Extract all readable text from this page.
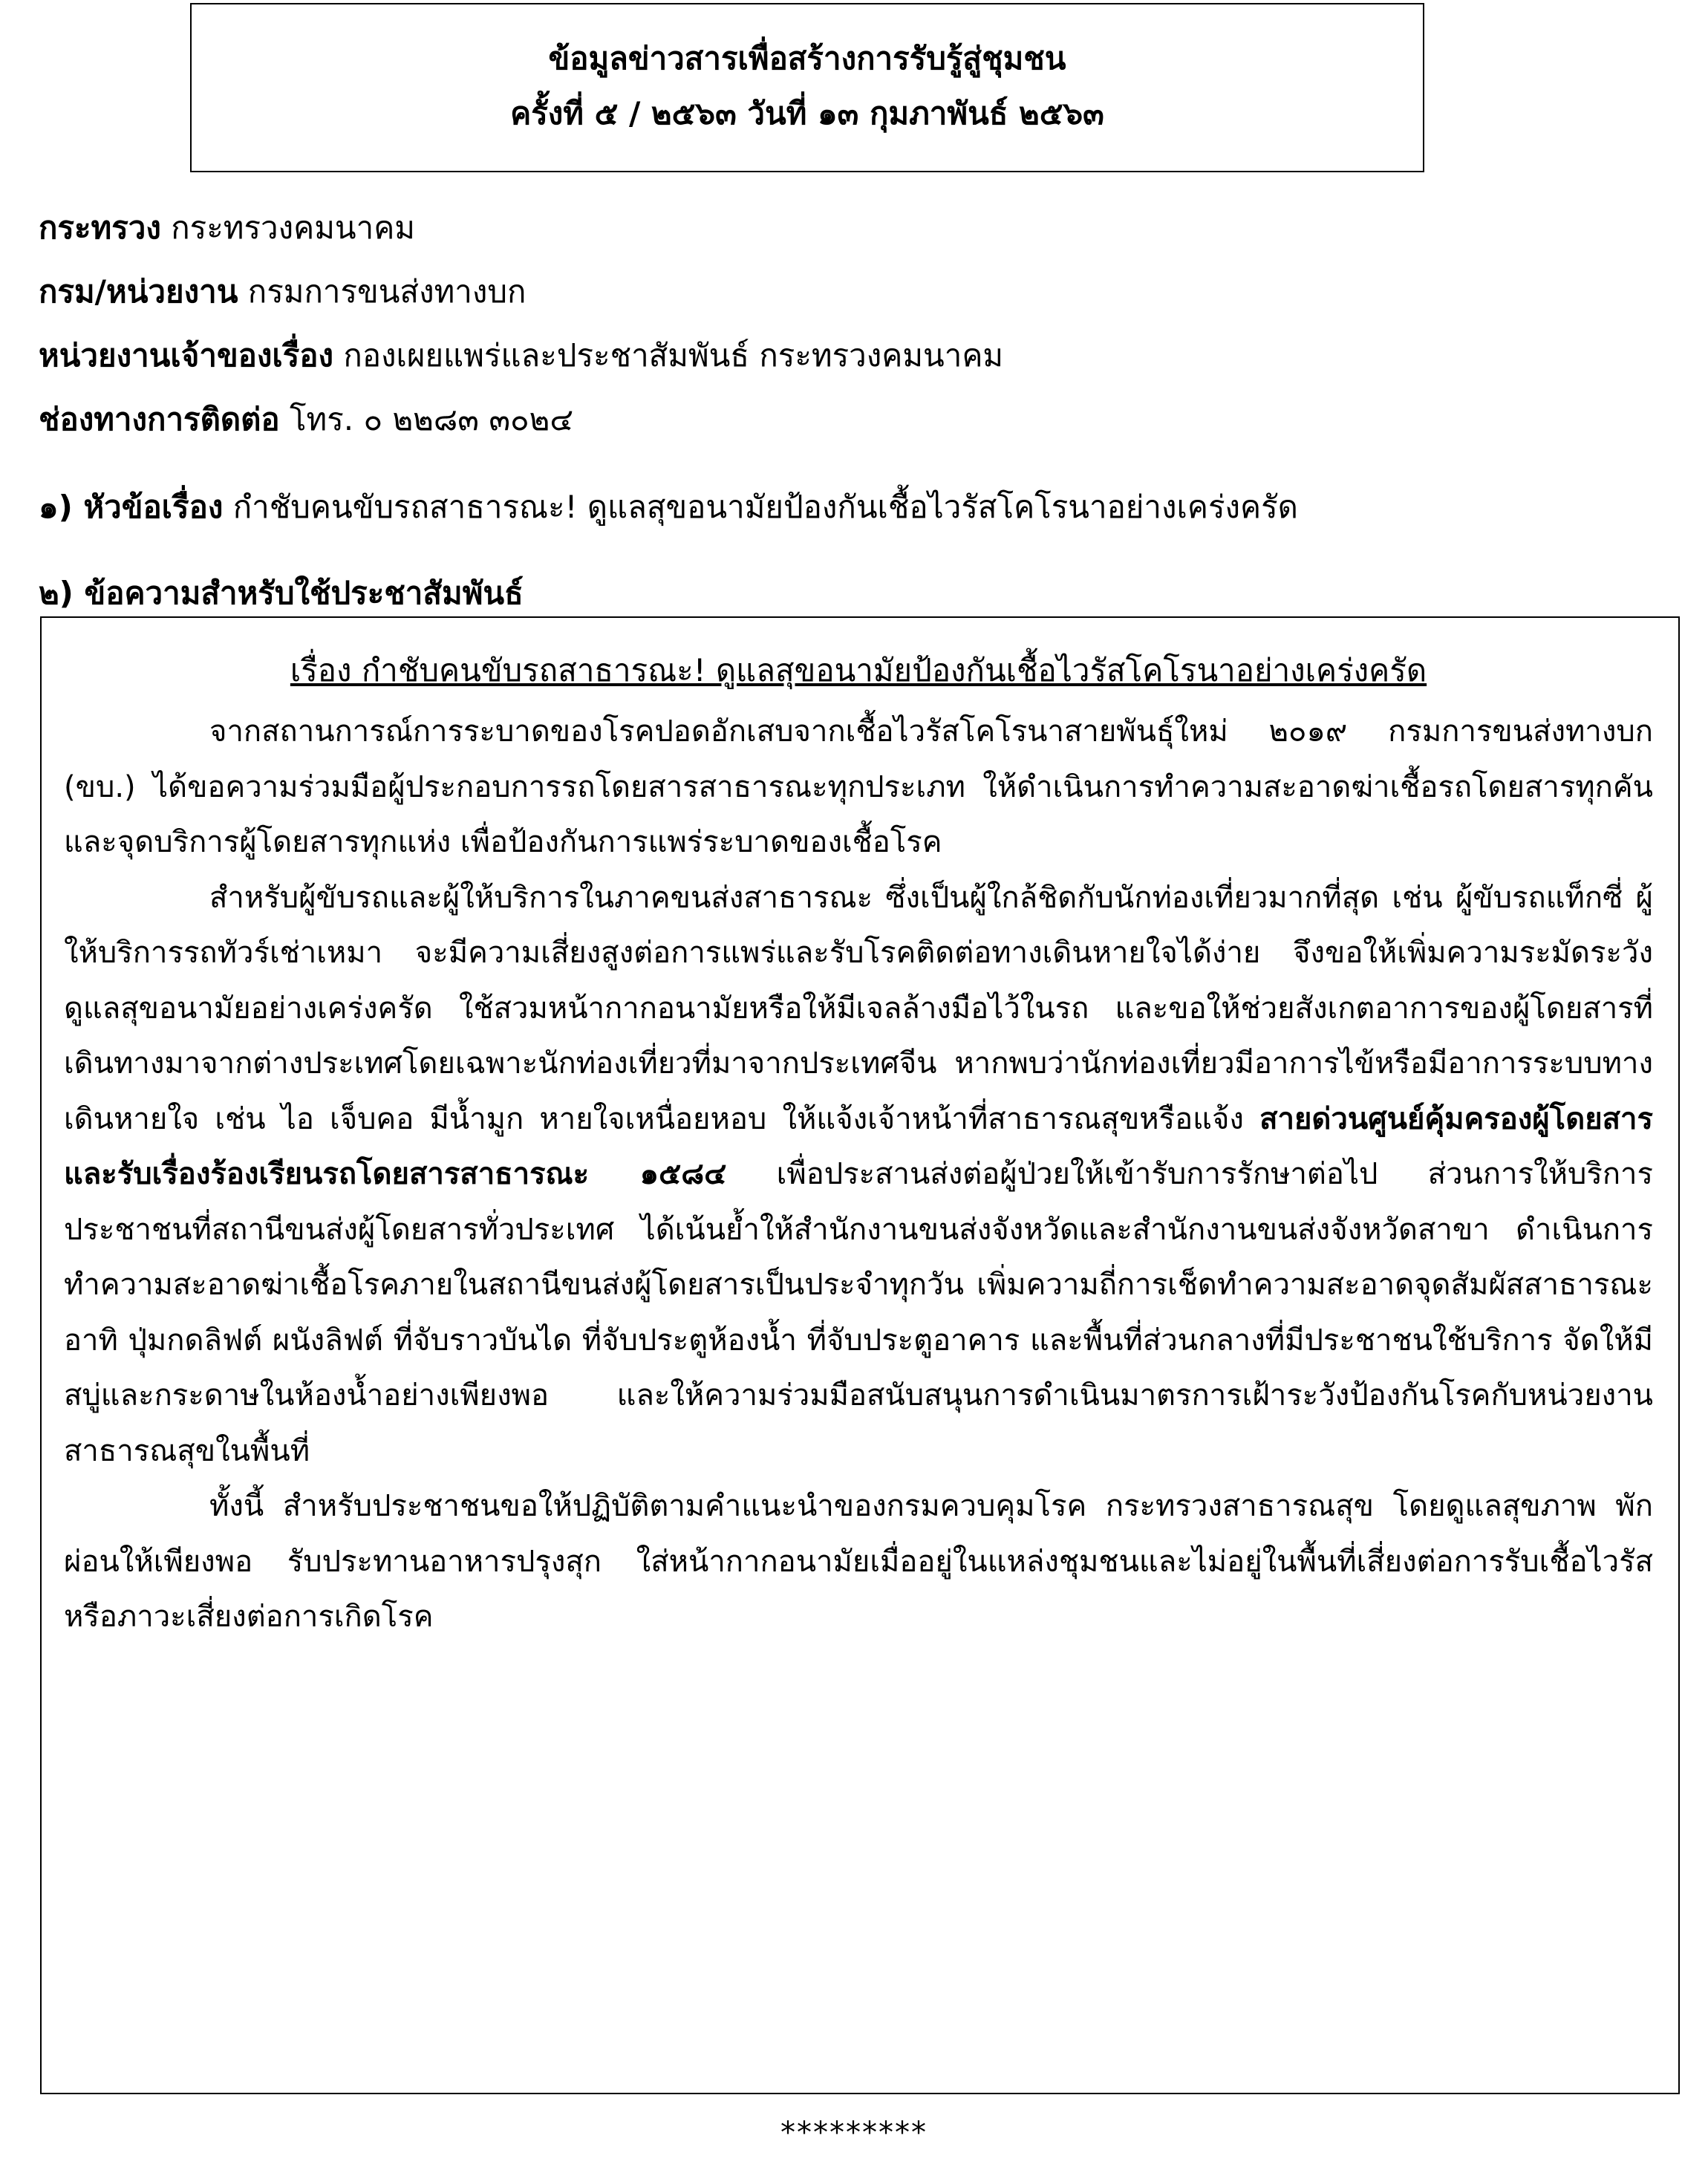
ข้อมูลข่าวสารเพื่อสร้างการรับรู้สู่ชุมชน
ครั้งที่ ๕ / ๒๕๖๓ วันที่ ๑๓ กุมภาพันธ์ ๒๕๖๓
กระทรวง กระทรวงคมนาคม
กรม/หน่วยงาน กรมการขนส่งทางบก
หน่วยงานเจ้าของเรื่อง กองเผยแพร่และประชาสัมพันธ์ กระทรวงคมนาคม
ช่องทางการติดต่อ โทร. ๐ ๒๒๘๓ ๓๐๒๔
๑) หัวข้อเรื่อง กำชับคนขับรถสาธารณะ! ดูแลสุขอนามัยป้องกันเชื้อไวรัสโคโรนาอย่างเคร่งครัด
๒) ข้อความสำหรับใช้ประชาสัมพันธ์
เรื่อง กำชับคนขับรถสาธารณะ! ดูแลสุขอนามัยป้องกันเชื้อไวรัสโคโรนาอย่างเคร่งครัด

จากสถานการณ์การระบาดของโรคปอดอักเสบจากเชื้อไวรัสโคโรนาสายพันธุ์ใหม่ ๒๐๑๙ กรมการขนส่งทางบก (ขบ.) ได้ขอความร่วมมือผู้ประกอบการรถโดยสารสาธารณะทุกประเภท ให้ดำเนินการทำความสะอาดฆ่าเชื้อรถโดยสารทุกคัน และจุดบริการผู้โดยสารทุกแห่ง เพื่อป้องกันการแพร่ระบาดของเชื้อโรค

สำหรับผู้ขับรถและผู้ให้บริการในภาคขนส่งสาธารณะ ซึ่งเป็นผู้ใกล้ชิดกับนักท่องเที่ยวมากที่สุด เช่น ผู้ขับรถแท็กซี่ ผู้ให้บริการรถทัวร์เช่าเหมา จะมีความเสี่ยงสูงต่อการแพร่และรับโรคติดต่อทางเดินหายใจได้ง่าย จึงขอให้เพิ่มความระมัดระวังดูแลสุขอนามัยอย่างเคร่งครัด ใช้สวมหน้ากากอนามัยหรือให้มีเจลล้างมือไว้ในรถ และขอให้ช่วยสังเกตอาการของผู้โดยสารที่เดินทางมาจากต่างประเทศโดยเฉพาะนักท่องเที่ยวที่มาจากประเทศจีน หากพบว่านักท่องเที่ยวมีอาการไข้หรือมีอาการระบบทางเดินหายใจ เช่น ไอ เจ็บคอ มีน้ำมูก หายใจเหนื่อยหอบ ให้แจ้งเจ้าหน้าที่สาธารณสุขหรือแจ้ง สายด่วนศูนย์คุ้มครองผู้โดยสารและรับเรื่องร้องเรียนรถโดยสารสาธารณะ ๑๕๘๔ เพื่อประสานส่งต่อผู้ป่วยให้เข้ารับการรักษาต่อไป ส่วนการให้บริการประชาชนที่สถานีขนส่งผู้โดยสารทั่วประเทศ ได้เน้นย้ำให้สำนักงานขนส่งจังหวัดและสำนักงานขนส่งจังหวัดสาขา ดำเนินการทำความสะอาดฆ่าเชื้อโรคภายในสถานีขนส่งผู้โดยสารเป็นประจำทุกวัน เพิ่มความถี่การเช็ดทำความสะอาดจุดสัมผัสสาธารณะ อาทิ ปุ่มกดลิฟต์ ผนังลิฟต์ ที่จับราวบันได ที่จับประตูห้องน้ำ ที่จับประตูอาคาร และพื้นที่ส่วนกลางที่มีประชาชนใช้บริการ จัดให้มีสบู่และกระดาษในห้องน้ำอย่างเพียงพอ และให้ความร่วมมือสนับสนุนการดำเนินมาตรการเฝ้าระวังป้องกันโรคกับหน่วยงานสาธารณสุขในพื้นที่

ทั้งนี้ สำหรับประชาชนขอให้ปฏิบัติตามคำแนะนำของกรมควบคุมโรค กระทรวงสาธารณสุข โดยดูแลสุขภาพ พักผ่อนให้เพียงพอ รับประทานอาหารปรุงสุก ใส่หน้ากากอนามัยเมื่ออยู่ในแหล่งชุมชนและไม่อยู่ในพื้นที่เสี่ยงต่อการรับเชื้อไวรัสหรือภาวะเสี่ยงต่อการเกิดโรค

*********
